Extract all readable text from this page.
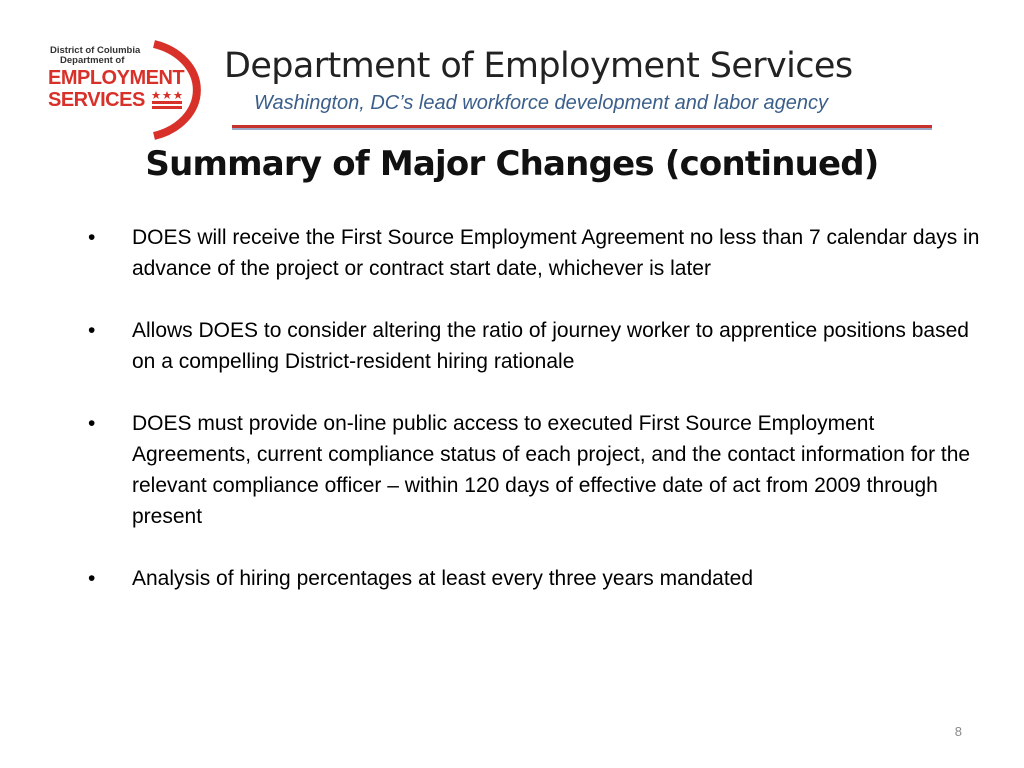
District of Columbia
Department of
EMPLOYMENT
SERVICES
Department of Employment Services
Washington, DC’s lead workforce development and labor agency
Summary of Major Changes (continued)
• DOES will receive the First Source Employment Agreement no less than 7 calendar days in advance of the project or contract start date, whichever is later
• Allows DOES to consider altering the ratio of journey worker to apprentice positions based on a compelling District-resident hiring rationale
• DOES must provide on-line public access to executed First Source Employment Agreements, current compliance status of each project, and the contact information for the relevant compliance officer – within 120 days of effective date of act from 2009 through present
• Analysis of hiring percentages at least every three years mandated
8
